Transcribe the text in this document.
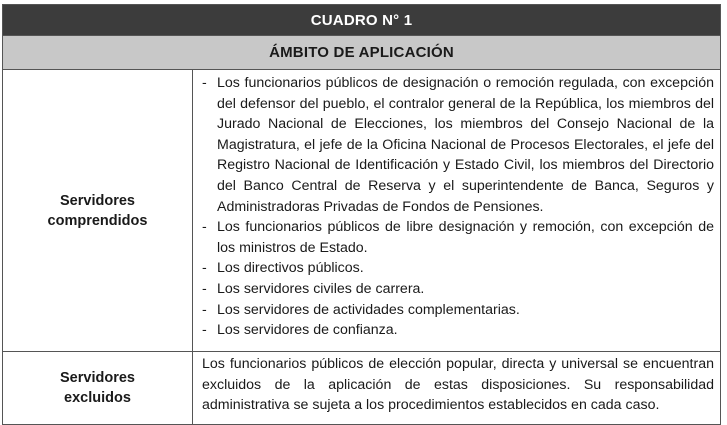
CUADRO N° 1
ÁMBITO DE APLICACIÓN
Servidores
comprendidos
- Los funcionarios públicos de designación o remoción regulada, con excepción del defensor del pueblo, el contralor general de la República, los miembros del Jurado Nacional de Elecciones, los miembros del Consejo Nacional de la Magistratura, el jefe de la Oficina Nacional de Procesos Electorales, el jefe del Registro Nacional de Identificación y Estado Civil, los miembros del Directorio del Banco Central de Reserva y el superintendente de Banca, Seguros y Administradoras Privadas de Fondos de Pensiones.
- Los funcionarios públicos de libre designación y remoción, con excepción de los ministros de Estado.
- Los directivos públicos.
- Los servidores civiles de carrera.
- Los servidores de actividades complementarias.
- Los servidores de confianza.
Servidores
excluidos
Los funcionarios públicos de elección popular, directa y universal se encuentran excluidos de la aplicación de estas disposiciones. Su responsabilidad administrativa se sujeta a los procedimientos establecidos en cada caso.
